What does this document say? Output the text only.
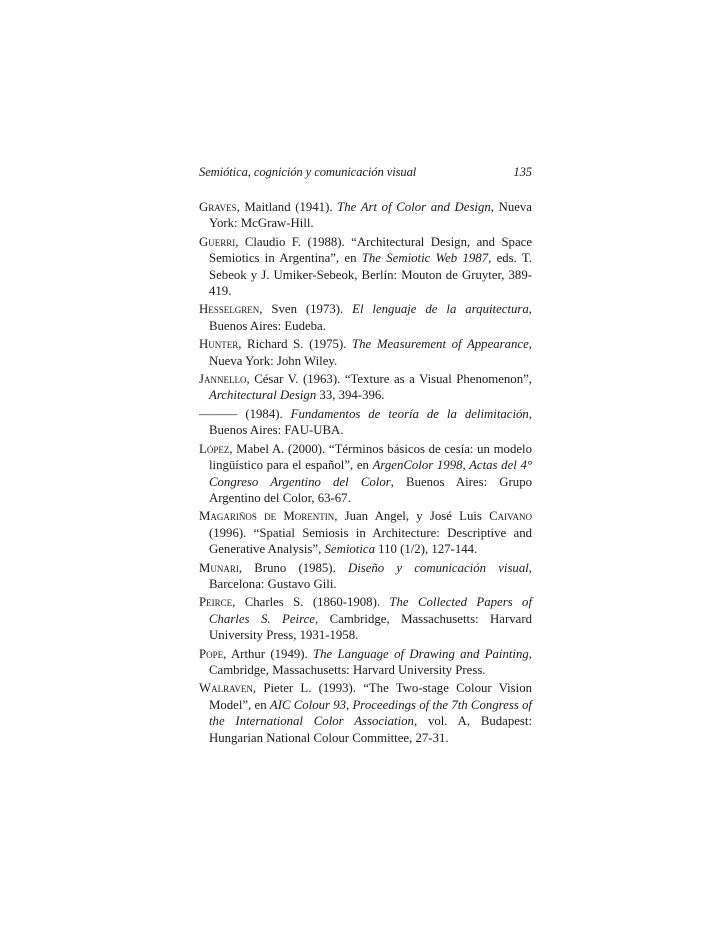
Semiótica, cognición y comunicación visual	135

Graves, Maitland (1941). The Art of Color and Design, Nueva York: McGraw-Hill.

Guerri, Claudio F. (1988). “Architectural Design, and Space Semiotics in Argentina”, en The Semiotic Web 1987, eds. T. Sebeok y J. Umiker-Sebeok, Berlín: Mouton de Gruyter, 389-419.

Hesselgren, Sven (1973). El lenguaje de la arquitectura, Buenos Aires: Eudeba.

Hunter, Richard S. (1975). The Measurement of Appearance, Nueva York: John Wiley.

Jannello, César V. (1963). “Texture as a Visual Phenomenon”, Architectural Design 33, 394-396.

——— (1984). Fundamentos de teoría de la delimitación, Buenos Aires: FAU-UBA.

López, Mabel A. (2000). “Términos básicos de cesía: un modelo lingüístico para el español”, en ArgenColor 1998, Actas del 4° Congreso Argentino del Color, Buenos Aires: Grupo Argentino del Color, 63-67.

Magariños de Morentin, Juan Angel, y José Luis Caivano (1996). “Spatial Semiosis in Architecture: Descriptive and Generative Analysis”, Semiotica 110 (1/2), 127-144.

Munari, Bruno (1985). Diseño y comunicación visual, Barcelona: Gustavo Gili.

Peirce, Charles S. (1860-1908). The Collected Papers of Charles S. Peirce, Cambridge, Massachusetts: Harvard University Press, 1931-1958.

Pope, Arthur (1949). The Language of Drawing and Painting, Cambridge, Massachusetts: Harvard University Press.

Walraven, Pieter L. (1993). “The Two-stage Colour Vision Model”, en AIC Colour 93, Proceedings of the 7th Congress of the International Color Association, vol. A, Budapest: Hungarian National Colour Committee, 27-31.
